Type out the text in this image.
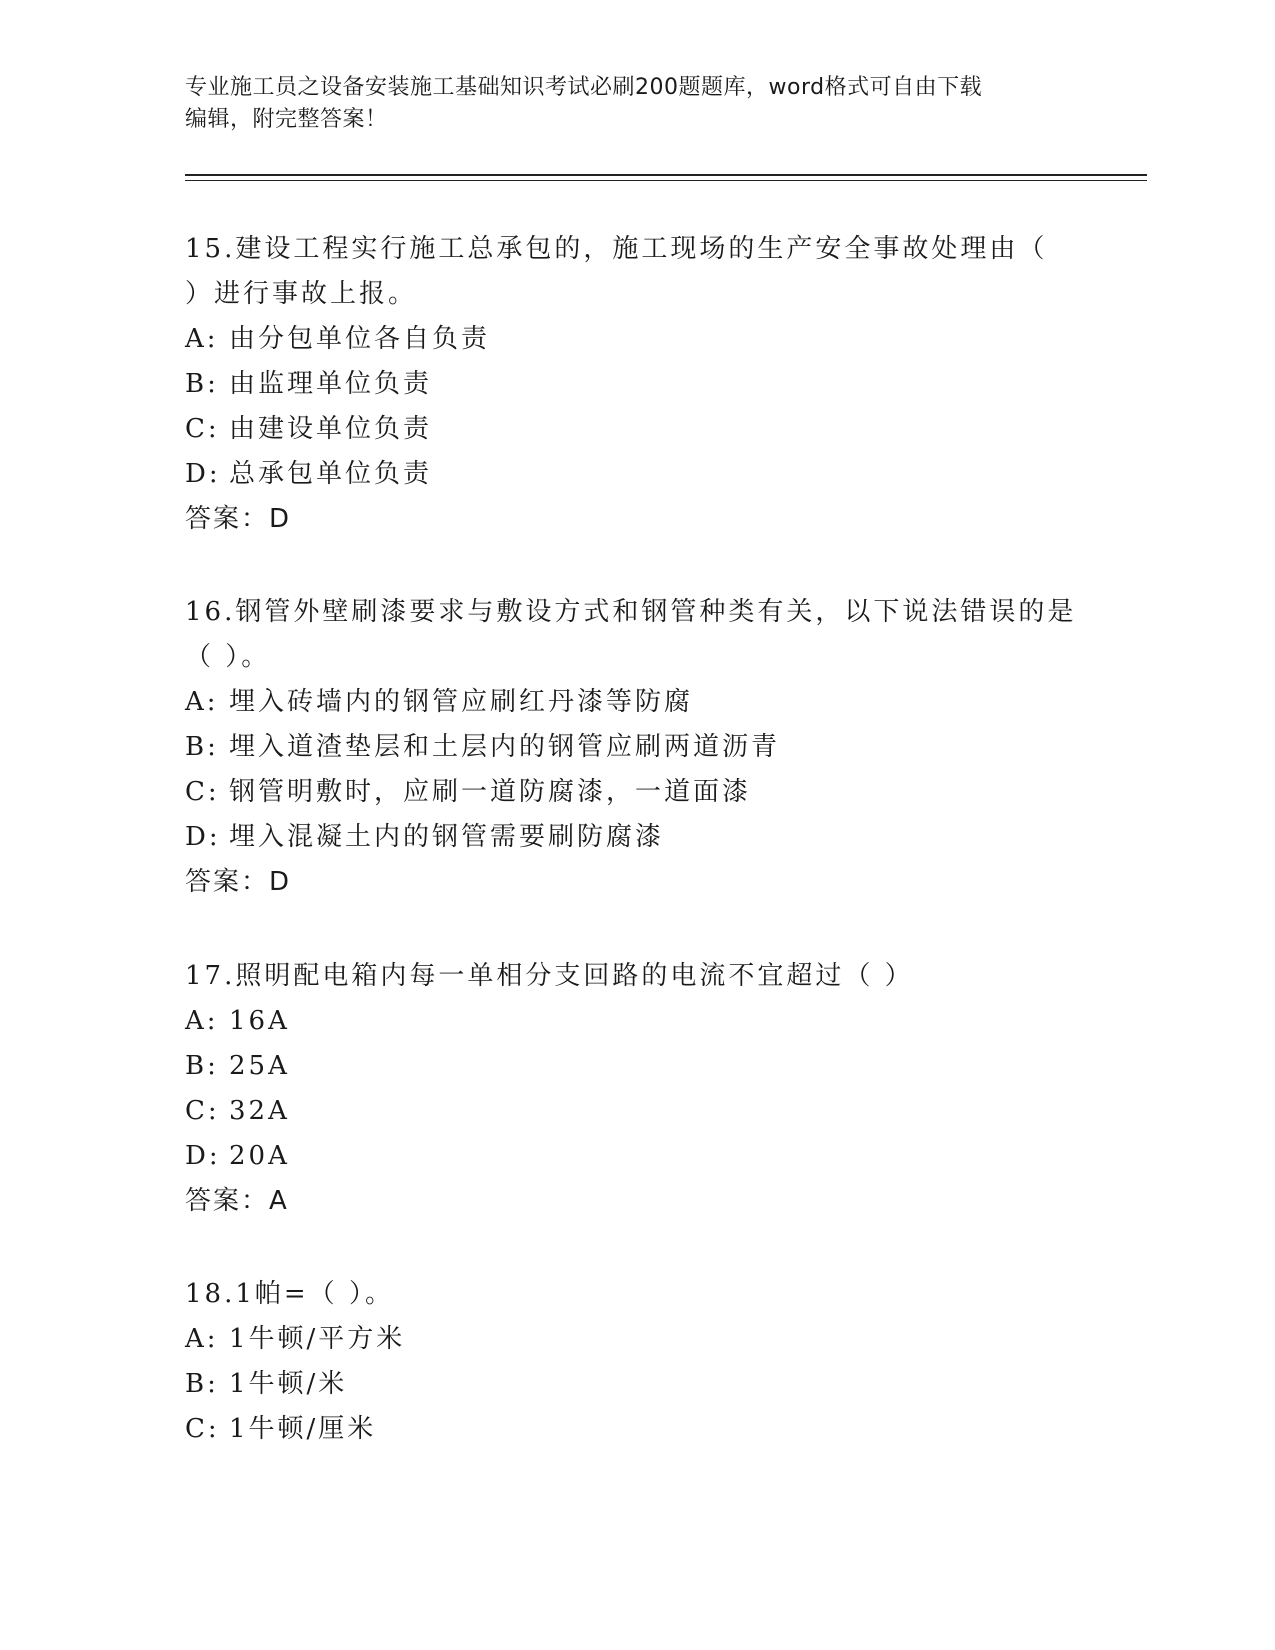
专业施工员之设备安装施工基础知识考试必刷200题题库，word格式可自由下载
编辑，附完整答案！

15.建设工程实行施工总承包的，施工现场的生产安全事故处理由（
）进行事故上报。

A: 由分包单位各自负责

B: 由监理单位负责

C: 由建设单位负责

D: 总承包单位负责

答案：D

16.钢管外壁刷漆要求与敷设方式和钢管种类有关，以下说法错误的是
（ ）。

A: 埋入砖墙内的钢管应刷红丹漆等防腐

B: 埋入道渣垫层和土层内的钢管应刷两道沥青

C: 钢管明敷时，应刷一道防腐漆，一道面漆

D: 埋入混凝土内的钢管需要刷防腐漆

答案：D

17.照明配电箱内每一单相分支回路的电流不宜超过（ ）

A: 16A

B: 25A

C: 32A

D: 20A

答案：A

18.1帕=（ ）。

A: 1牛顿/平方米

B: 1牛顿/米

C: 1牛顿/厘米
